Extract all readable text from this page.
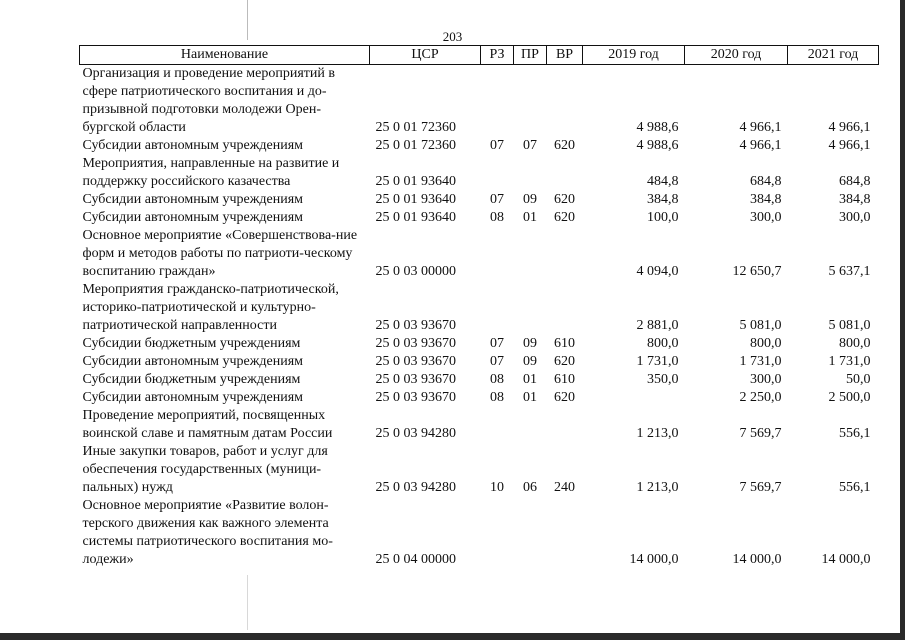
203
Наименование	ЦСР	РЗ	ПР	ВР	2019 год	2020 год	2021 год
Организация и проведение мероприятий в сфере патриотического воспитания и до-призывной подготовки молодежи Орен-бургской области	25 0 01 72360				4 988,6	4 966,1	4 966,1
Субсидии автономным учреждениям	25 0 01 72360	07	07	620	4 988,6	4 966,1	4 966,1
Мероприятия, направленные на развитие и поддержку российского казачества	25 0 01 93640				484,8	684,8	684,8
Субсидии автономным учреждениям	25 0 01 93640	07	09	620	384,8	384,8	384,8
Субсидии автономным учреждениям	25 0 01 93640	08	01	620	100,0	300,0	300,0
Основное мероприятие «Совершенствова-ние форм и методов работы по патриоти-ческому воспитанию граждан»	25 0 03 00000				4 094,0	12 650,7	5 637,1
Мероприятия гражданско-патриотической, историко-патриотической и культурно-патриотической направленности	25 0 03 93670				2 881,0	5 081,0	5 081,0
Субсидии бюджетным учреждениям	25 0 03 93670	07	09	610	800,0	800,0	800,0
Субсидии автономным учреждениям	25 0 03 93670	07	09	620	1 731,0	1 731,0	1 731,0
Субсидии бюджетным учреждениям	25 0 03 93670	08	01	610	350,0	300,0	50,0
Субсидии автономным учреждениям	25 0 03 93670	08	01	620		2 250,0	2 500,0
Проведение мероприятий, посвященных воинской славе и памятным датам России	25 0 03 94280				1 213,0	7 569,7	556,1
Иные закупки товаров, работ и услуг для обеспечения государственных (муници-пальных) нужд	25 0 03 94280	10	06	240	1 213,0	7 569,7	556,1
Основное мероприятие «Развитие волон-терского движения как важного элемента системы патриотического воспитания мо-лодежи»	25 0 04 00000				14 000,0	14 000,0	14 000,0
